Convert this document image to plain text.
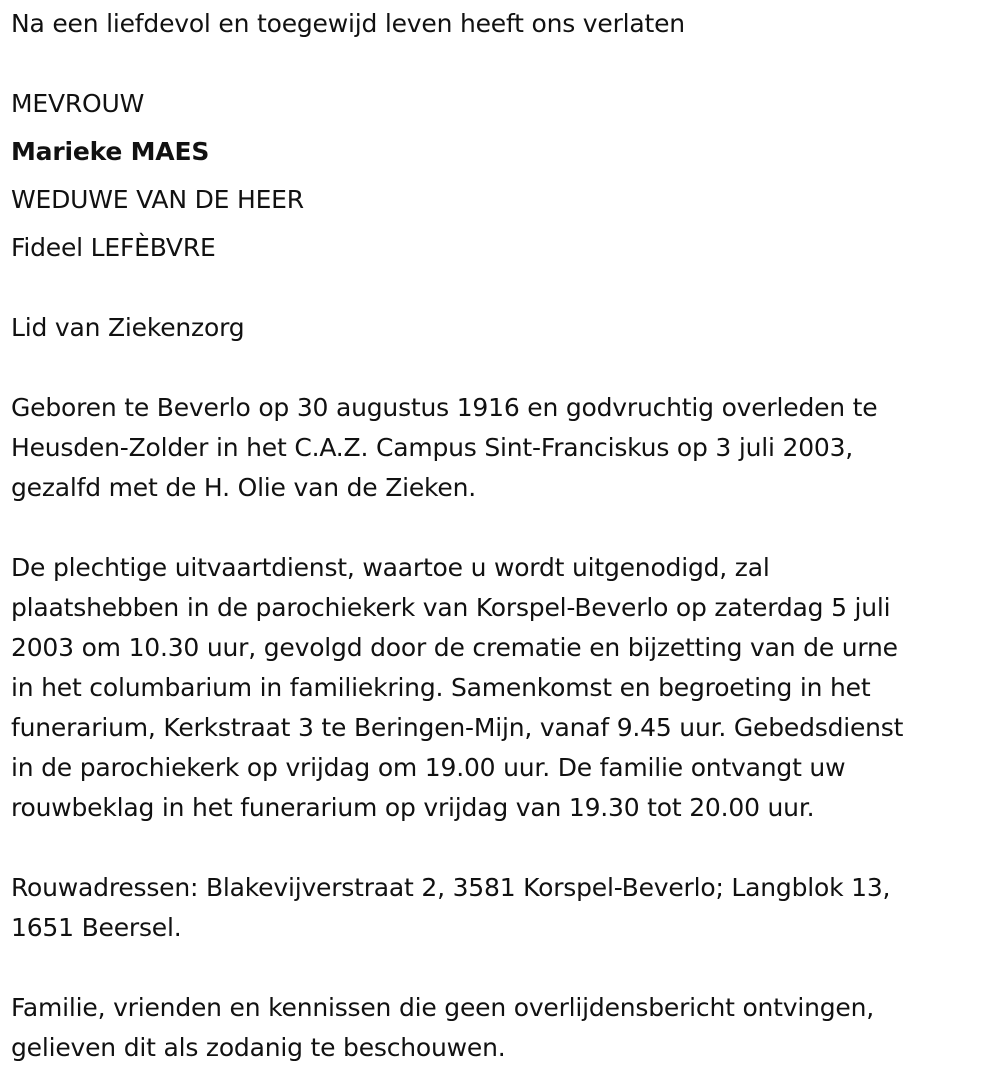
Na een liefdevol en toegewijd leven heeft ons verlaten

MEVROUW

Marieke MAES

WEDUWE VAN DE HEER

Fideel LEFÈBVRE

Lid van Ziekenzorg

Geboren te Beverlo op 30 augustus 1916 en godvruchtig overleden te
Heusden-Zolder in het C.A.Z. Campus Sint-Franciskus op 3 juli 2003,
gezalfd met de H. Olie van de Zieken.
De plechtige uitvaartdienst, waartoe u wordt uitgenodigd, zal
plaatshebben in de parochiekerk van Korspel-Beverlo op zaterdag 5 juli
2003 om 10.30 uur, gevolgd door de crematie en bijzetting van de urne
in het columbarium in familiekring. Samenkomst en begroeting in het
funerarium, Kerkstraat 3 te Beringen-Mijn, vanaf 9.45 uur. Gebedsdienst
in de parochiekerk op vrijdag om 19.00 uur. De familie ontvangt uw
rouwbeklag in het funerarium op vrijdag van 19.30 tot 20.00 uur.
Rouwadressen: Blakevijverstraat 2, 3581 Korspel-Beverlo; Langblok 13,
1651 Beersel.
Familie, vrienden en kennissen die geen overlijdensbericht ontvingen,
gelieven dit als zodanig te beschouwen.
